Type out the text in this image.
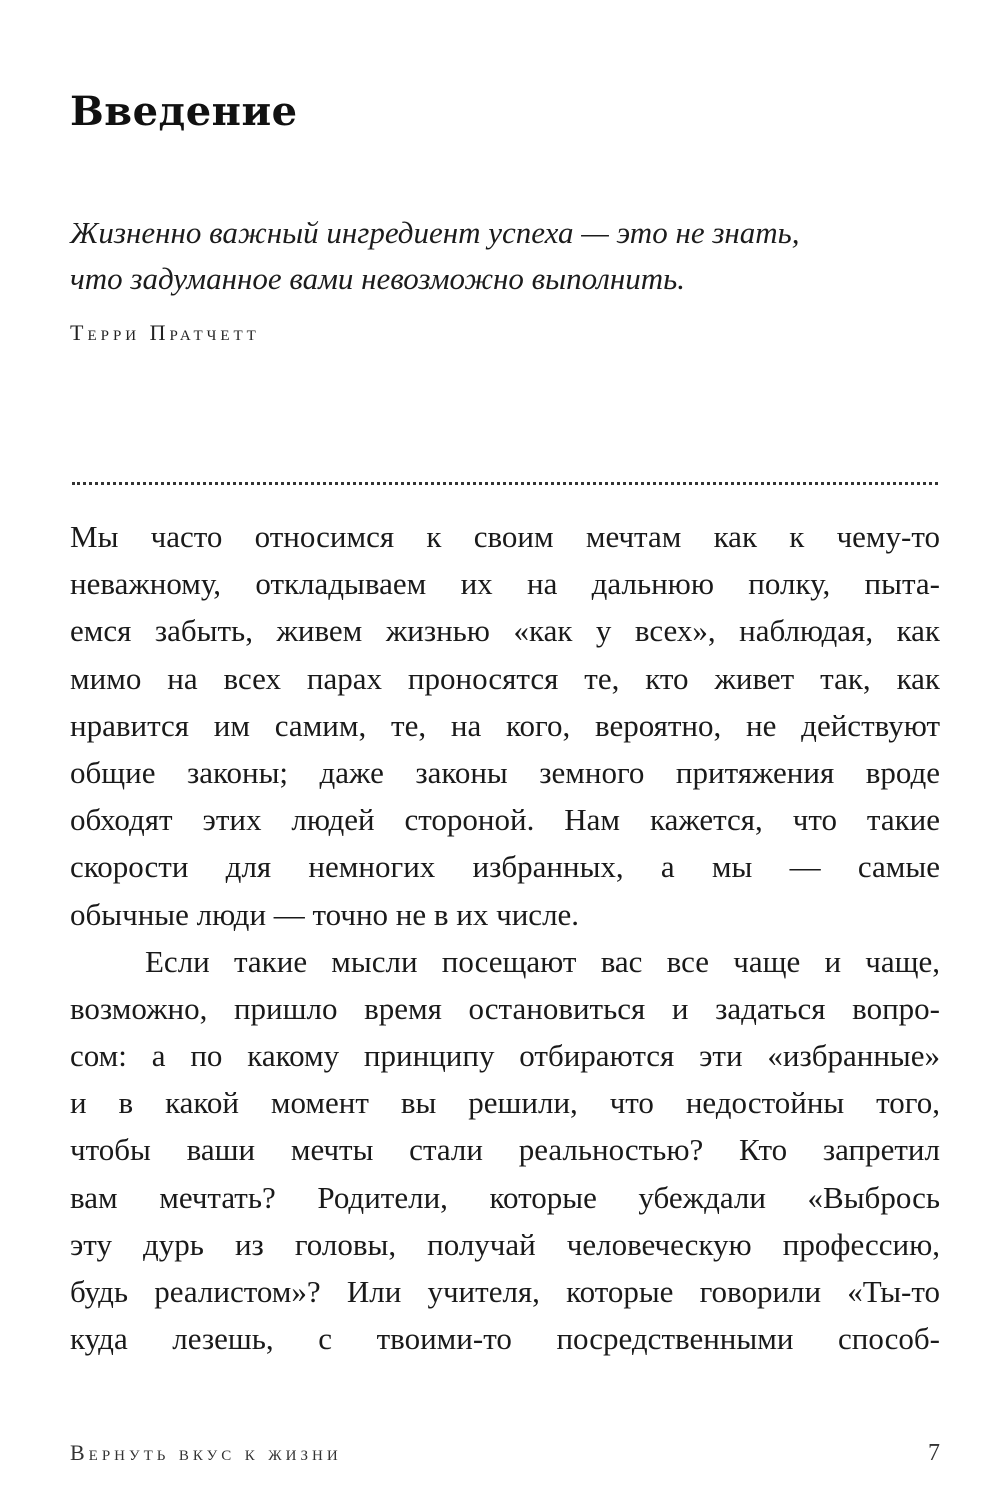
Введение
Жизненно важный ингредиент успеха — это не знать,
что задуманное вами невозможно выполнить.
Терри Пратчетт
Мы часто относимся к своим мечтам как к чему-то
неважному, откладываем их на дальнюю полку, пыта-
емся забыть, живем жизнью «как у всех», наблюдая, как
мимо на всех парах проносятся те, кто живет так, как
нравится им самим, те, на кого, вероятно, не действуют
общие законы; даже законы земного притяжения вроде
обходят этих людей стороной. Нам кажется, что такие
скорости для немногих избранных, а мы — самые
обычные люди — точно не в их числе.
Если такие мысли посещают вас все чаще и чаще,
возможно, пришло время остановиться и задаться вопро-
сом: а по какому принципу отбираются эти «избранные»
и в какой момент вы решили, что недостойны того,
чтобы ваши мечты стали реальностью? Кто запретил
вам мечтать? Родители, которые убеждали «Выбрось
эту дурь из головы, получай человеческую профессию,
будь реалистом»? Или учителя, которые говорили «Ты-то
куда лезешь, с твоими-то посредственными способ-
Вернуть вкус к жизни	7
